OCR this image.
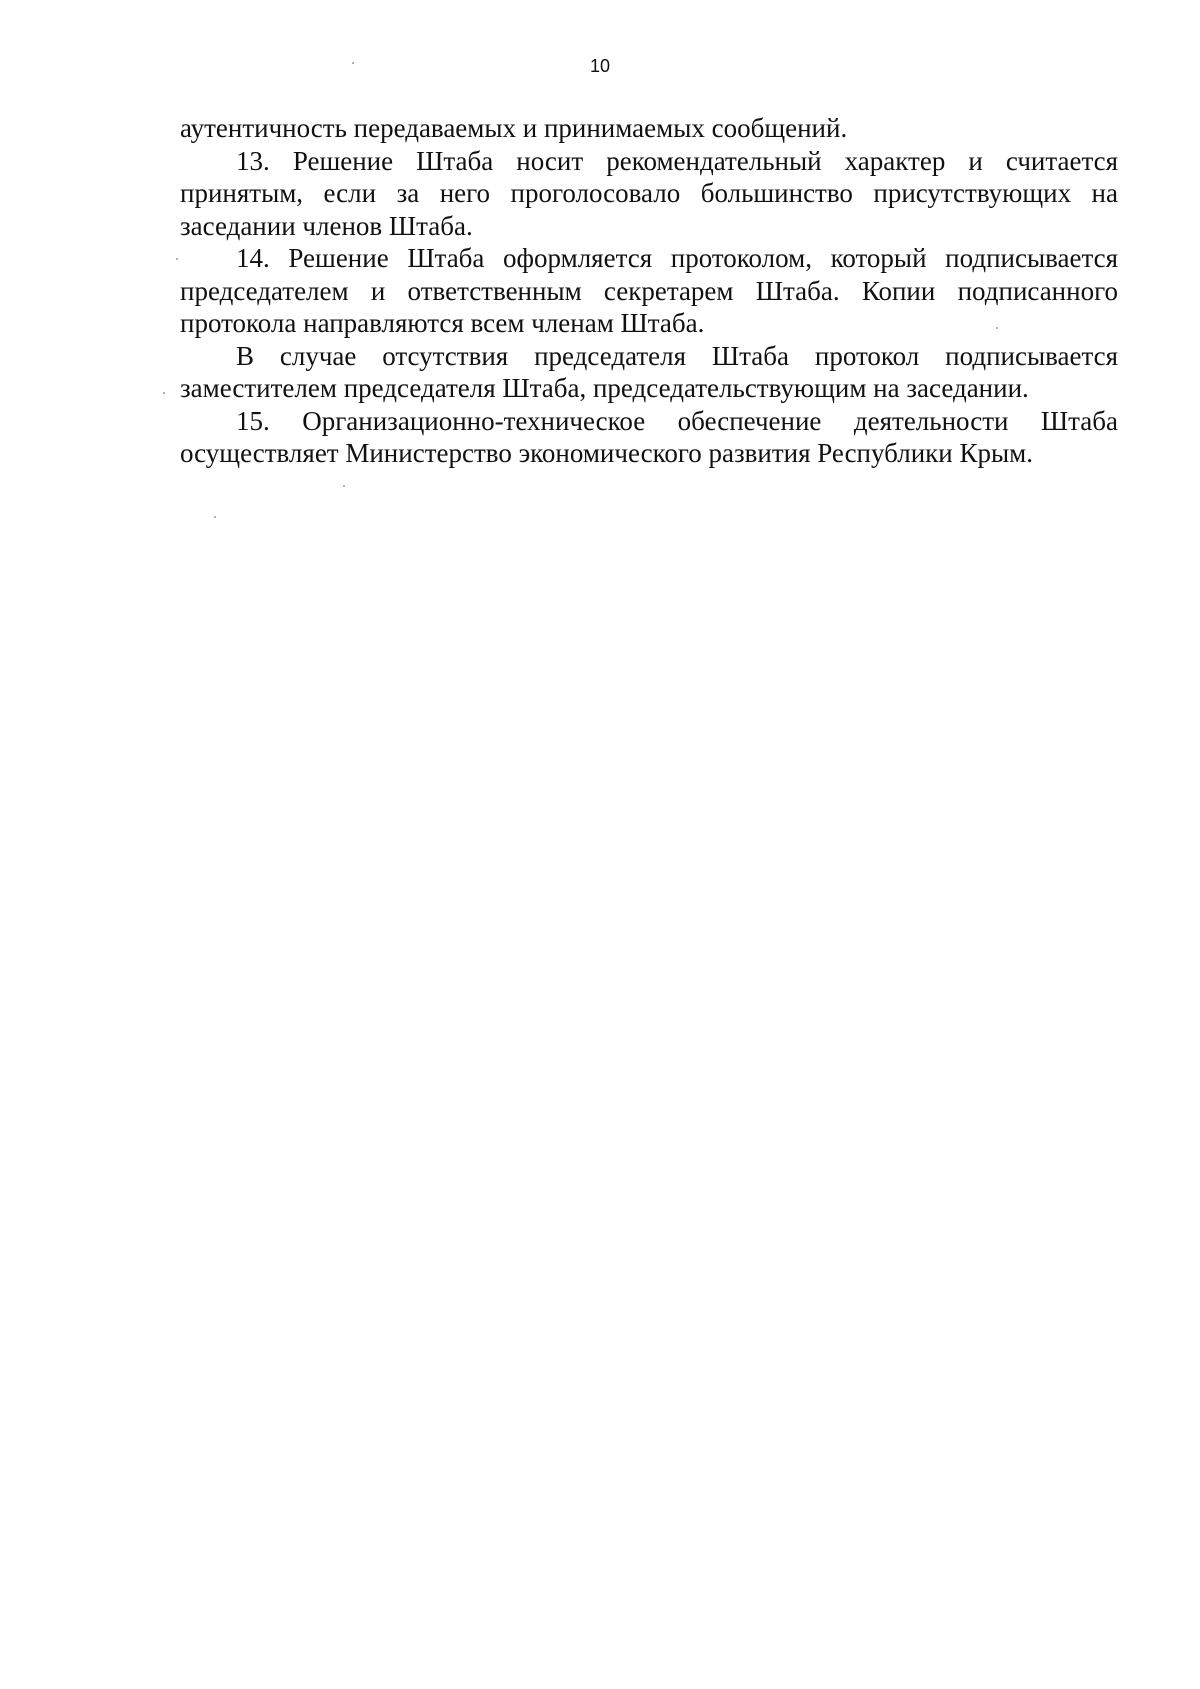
10

аутентичность передаваемых и принимаемых сообщений.

13. Решение Штаба носит рекомендательный характер и считается принятым, если за него проголосовало большинство присутствующих на заседании членов Штаба.

14. Решение Штаба оформляется протоколом, который подписывается председателем и ответственным секретарем Штаба. Копии подписанного протокола направляются всем членам Штаба.

В случае отсутствия председателя Штаба протокол подписывается заместителем председателя Штаба, председательствующим на заседании.

15. Организационно-техническое обеспечение деятельности Штаба осуществляет Министерство экономического развития Республики Крым.
